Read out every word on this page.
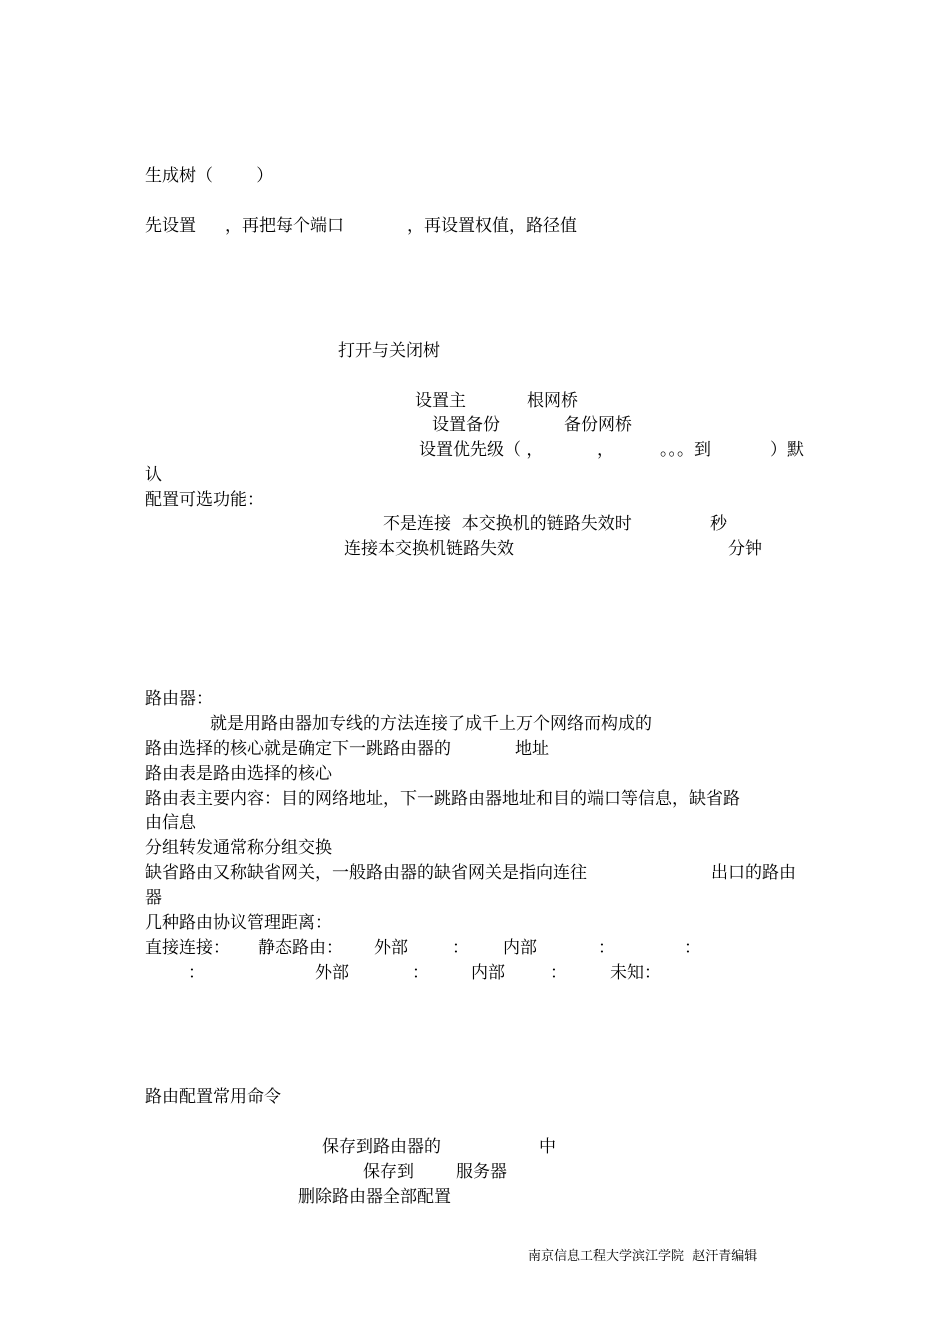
生成树（        ）
先设置 ，再把每个端口	，再设置权值，路径值
打开与关闭树
设置主	根网桥
设置备份	备份网桥
设置优先级（ ，	，	。。。到	）默
认
配置可选功能：
不是连接  本交换机的链路失效时	秒
连接本交换机链路失效	分钟
路由器：
就是用路由器加专线的方法连接了成千上万个网络而构成的
路由选择的核心就是确定下一跳路由器的	地址
路由表是路由选择的核心
路由表主要内容：目的网络地址，下一跳路由器地址和目的端口等信息，缺省路
由信息
分组转发通常称分组交换
缺省路由又称缺省网关，一般路由器的缺省网关是指向连往	出口的路由
器
几种路由协议管理距离：
直接连接： 静态路由： 外部	： 内部	：	：
：	外部	： 内部	：	未知：
路由配置常用命令
保存到路由器的	中
保存到 服务器
删除路由器全部配置
南京信息工程大学滨江学院  赵汗青编辑
